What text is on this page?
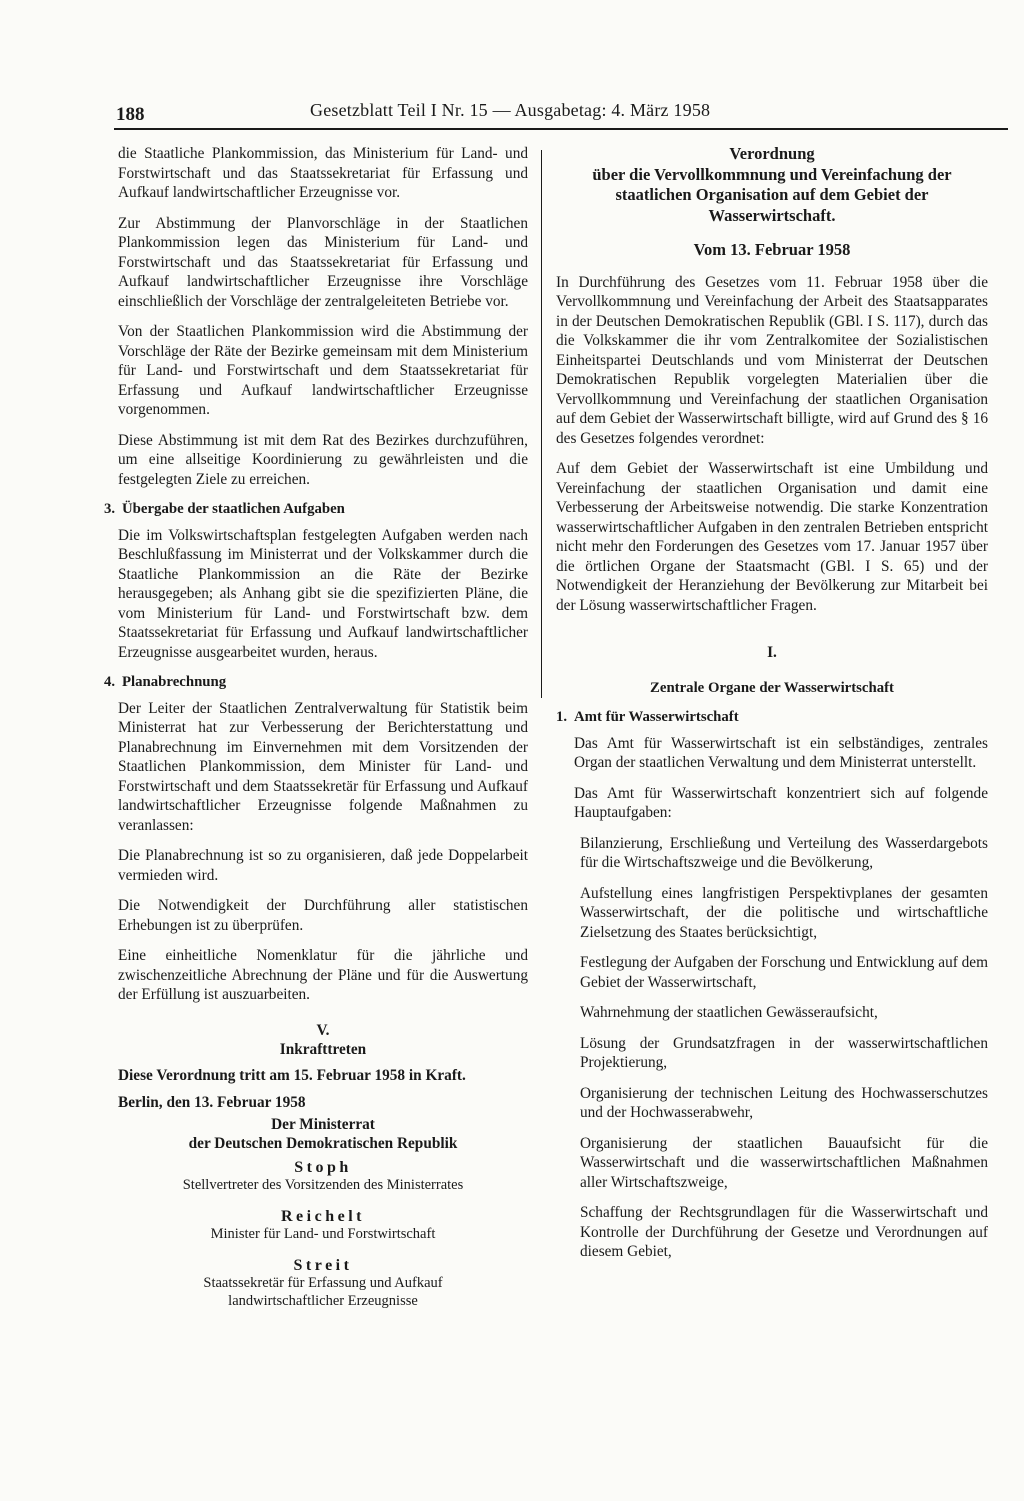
188	Gesetzblatt Teil I Nr. 15 — Ausgabetag: 4. März 1958

die Staatliche Plankommission, das Ministerium für Land- und Forstwirtschaft und das Staatssekretariat für Erfassung und Aufkauf landwirtschaftlicher Erzeugnisse vor.

Zur Abstimmung der Planvorschläge in der Staatlichen Plankommission legen das Ministerium für Land- und Forstwirtschaft und das Staatssekretariat für Erfassung und Aufkauf landwirtschaftlicher Erzeugnisse ihre Vorschläge einschließlich der Vorschläge der zentralgeleiteten Betriebe vor.

Von der Staatlichen Plankommission wird die Abstimmung der Vorschläge der Räte der Bezirke gemeinsam mit dem Ministerium für Land- und Forstwirtschaft und dem Staatssekretariat für Erfassung und Aufkauf landwirtschaftlicher Erzeugnisse vorgenommen.

Diese Abstimmung ist mit dem Rat des Bezirkes durchzuführen, um eine allseitige Koordinierung zu gewährleisten und die festgelegten Ziele zu erreichen.

3. Übergabe der staatlichen Aufgaben

Die im Volkswirtschaftsplan festgelegten Aufgaben werden nach Beschlußfassung im Ministerrat und der Volkskammer durch die Staatliche Plankommission an die Räte der Bezirke herausgegeben; als Anhang gibt sie die spezifizierten Pläne, die vom Ministerium für Land- und Forstwirtschaft bzw. dem Staatssekretariat für Erfassung und Aufkauf landwirtschaftlicher Erzeugnisse ausgearbeitet wurden, heraus.

4. Planabrechnung

Der Leiter der Staatlichen Zentralverwaltung für Statistik beim Ministerrat hat zur Verbesserung der Berichterstattung und Planabrechnung im Einvernehmen mit dem Vorsitzenden der Staatlichen Plankommission, dem Minister für Land- und Forstwirtschaft und dem Staatssekretär für Erfassung und Aufkauf landwirtschaftlicher Erzeugnisse folgende Maßnahmen zu veranlassen:

Die Planabrechnung ist so zu organisieren, daß jede Doppelarbeit vermieden wird.

Die Notwendigkeit der Durchführung aller statistischen Erhebungen ist zu überprüfen.

Eine einheitliche Nomenklatur für die jährliche und zwischenzeitliche Abrechnung der Pläne und für die Auswertung der Erfüllung ist auszuarbeiten.

V.
Inkrafttreten

Diese Verordnung tritt am 15. Februar 1958 in Kraft.

Berlin, den 13. Februar 1958

Der Ministerrat
der Deutschen Demokratischen Republik
Stoph
Stellvertreter des Vorsitzenden des Ministerrates
Reichelt
Minister für Land- und Forstwirtschaft
Streit
Staatssekretär für Erfassung und Aufkauf
landwirtschaftlicher Erzeugnisse
Verordnung
über die Vervollkommnung und Vereinfachung der
staatlichen Organisation auf dem Gebiet der
Wasserwirtschaft.
Vom 13. Februar 1958

In Durchführung des Gesetzes vom 11. Februar 1958 über die Vervollkommnung und Vereinfachung der Arbeit des Staatsapparates in der Deutschen Demokratischen Republik (GBl. I S. 117), durch das die Volkskammer die ihr vom Zentralkomitee der Sozialistischen Einheitspartei Deutschlands und vom Ministerrat der Deutschen Demokratischen Republik vorgelegten Materialien über die Vervollkommnung und Vereinfachung der staatlichen Organisation auf dem Gebiet der Wasserwirtschaft billigte, wird auf Grund des § 16 des Gesetzes folgendes verordnet:

Auf dem Gebiet der Wasserwirtschaft ist eine Umbildung und Vereinfachung der staatlichen Organisation und damit eine Verbesserung der Arbeitsweise notwendig. Die starke Konzentration wasserwirtschaftlicher Aufgaben in den zentralen Betrieben entspricht nicht mehr den Forderungen des Gesetzes vom 17. Januar 1957 über die örtlichen Organe der Staatsmacht (GBl. I S. 65) und der Notwendigkeit der Heranziehung der Bevölkerung zur Mitarbeit bei der Lösung wasserwirtschaftlicher Fragen.

I.
Zentrale Organe der Wasserwirtschaft
1. Amt für Wasserwirtschaft

Das Amt für Wasserwirtschaft ist ein selbständiges, zentrales Organ der staatlichen Verwaltung und dem Ministerrat unterstellt.

Das Amt für Wasserwirtschaft konzentriert sich auf folgende Hauptaufgaben:

Bilanzierung, Erschließung und Verteilung des Wasserdargebots für die Wirtschaftszweige und die Bevölkerung,

Aufstellung eines langfristigen Perspektivplanes der gesamten Wasserwirtschaft, der die politische und wirtschaftliche Zielsetzung des Staates berücksichtigt,

Festlegung der Aufgaben der Forschung und Entwicklung auf dem Gebiet der Wasserwirtschaft,

Wahrnehmung der staatlichen Gewässeraufsicht,

Lösung der Grundsatzfragen in der wasserwirtschaftlichen Projektierung,

Organisierung der technischen Leitung des Hochwasserschutzes und der Hochwasserabwehr,

Organisierung der staatlichen Bauaufsicht für die Wasserwirtschaft und die wasserwirtschaftlichen Maßnahmen aller Wirtschaftszweige,

Schaffung der Rechtsgrundlagen für die Wasserwirtschaft und Kontrolle der Durchführung der Gesetze und Verordnungen auf diesem Gebiet,
